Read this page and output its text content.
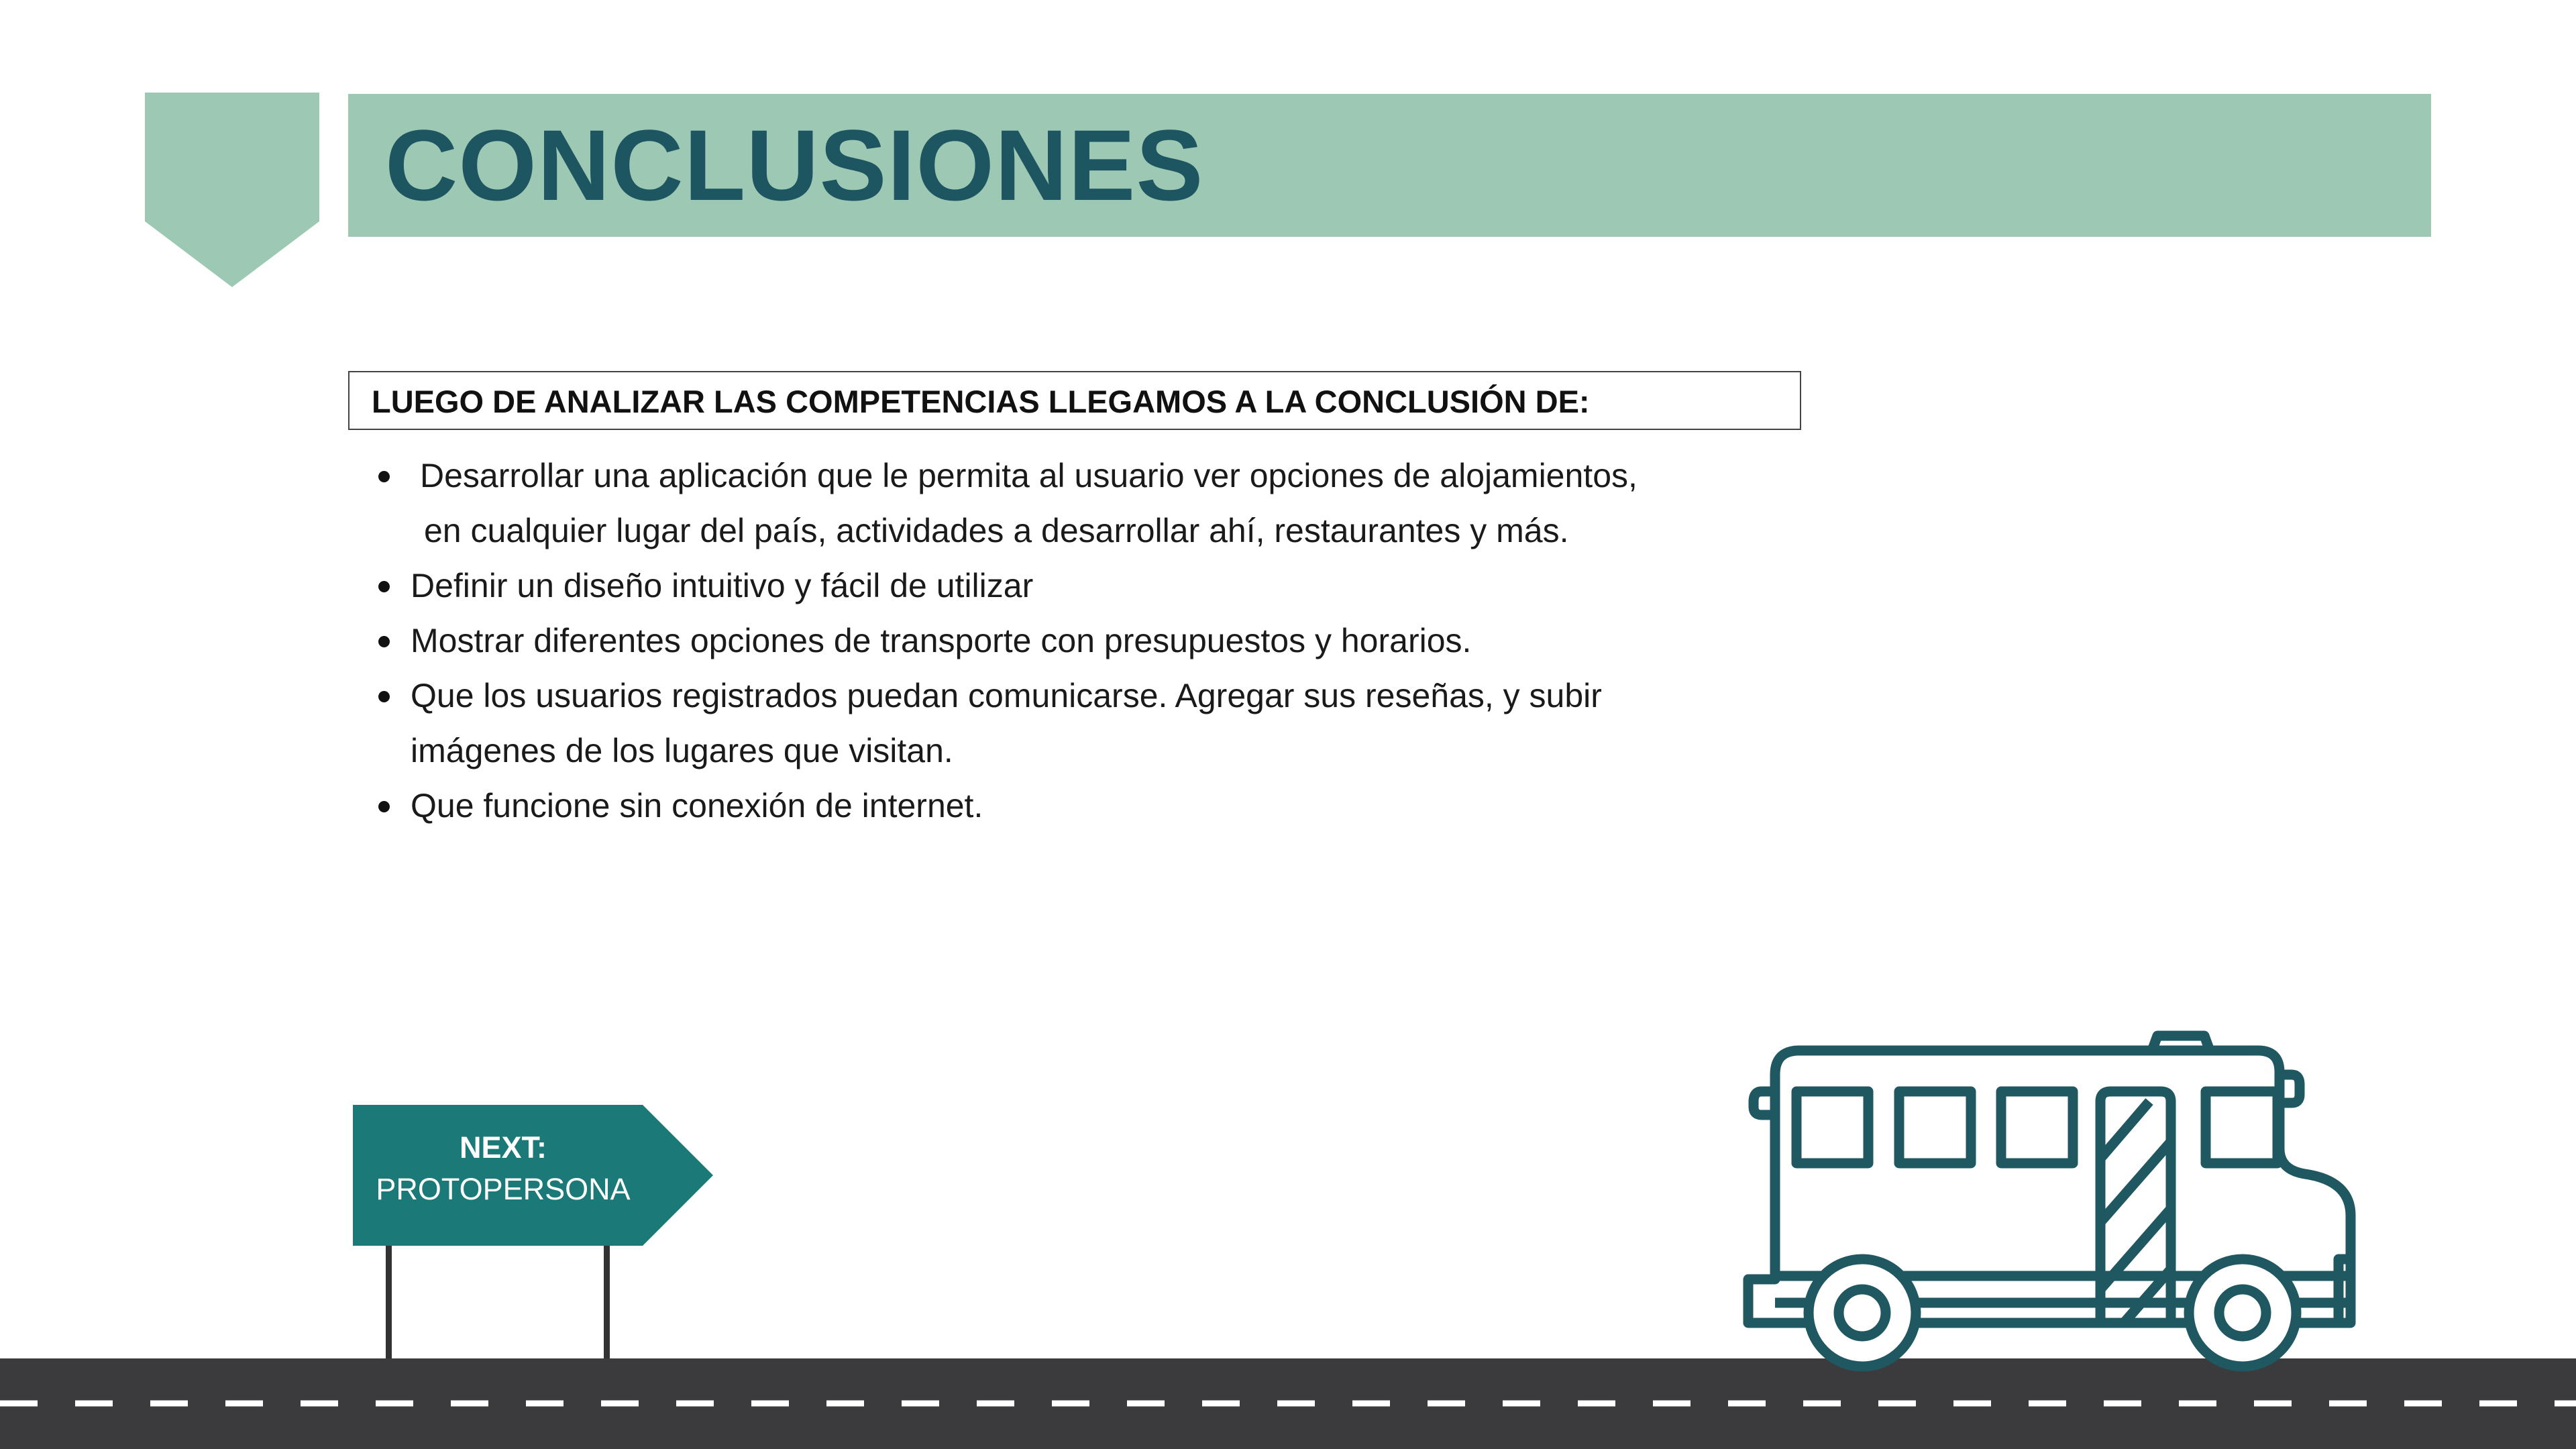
CONCLUSIONES
LUEGO DE ANALIZAR LAS COMPETENCIAS LLEGAMOS A LA CONCLUSIÓN DE:
Desarrollar una aplicación que le permita al usuario ver opciones de alojamientos,
en cualquier lugar del país, actividades a desarrollar ahí, restaurantes y más.
Definir un diseño intuitivo y fácil de utilizar
Mostrar diferentes opciones de transporte con presupuestos y horarios.
Que los usuarios registrados puedan comunicarse. Agregar sus reseñas, y subir
imágenes de los lugares que visitan.
Que funcione sin conexión de internet.
NEXT:
PROTOPERSONA
